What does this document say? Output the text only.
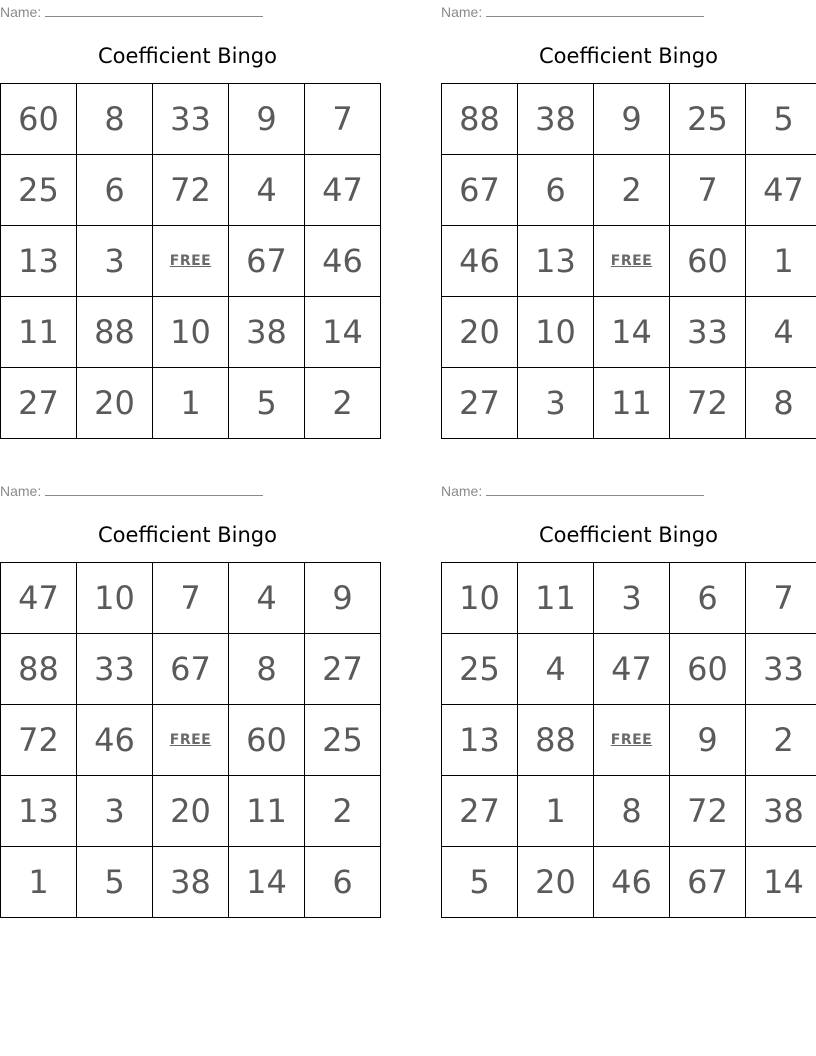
Name:
Coefficient Bingo
60	8	33	9	7
25	6	72	4	47
13	3	FREE	67	46
11	88	10	38	14
27	20	1	5	2
Name:
Coefficient Bingo
88	38	9	25	5
67	6	2	7	47
46	13	FREE	60	1
20	10	14	33	4
27	3	11	72	8
Name:
Coefficient Bingo
47	10	7	4	9
88	33	67	8	27
72	46	FREE	60	25
13	3	20	11	2
1	5	38	14	6
Name:
Coefficient Bingo
10	11	3	6	7
25	4	47	60	33
13	88	FREE	9	2
27	1	8	72	38
5	20	46	67	14
